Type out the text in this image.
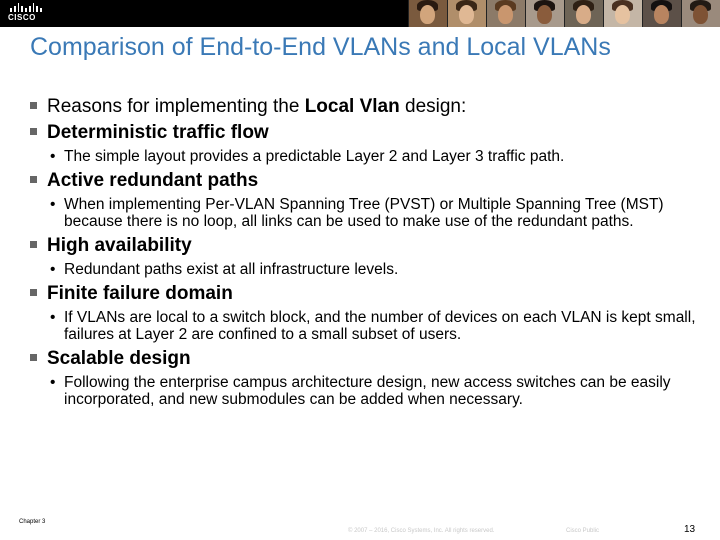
CISCO
Comparison of End-to-End VLANs and Local VLANs
Reasons for implementing the Local Vlan design:
Deterministic traffic flow
• The simple layout provides a predictable Layer 2 and Layer 3 traffic path.
Active redundant paths
• When implementing Per-VLAN Spanning Tree (PVST) or Multiple Spanning Tree (MST) because there is no loop, all links can be used to make use of the redundant paths.
High availability
• Redundant paths exist at all infrastructure levels.
Finite failure domain
• If VLANs are local to a switch block, and the number of devices on each VLAN is kept small, failures at Layer 2 are confined to a small subset of users.
Scalable design
• Following the enterprise campus architecture design, new access switches can be easily incorporated, and new submodules can be added when necessary.
Chapter 3
© 2007 – 2016, Cisco Systems, Inc. All rights reserved.	Cisco Public	13
